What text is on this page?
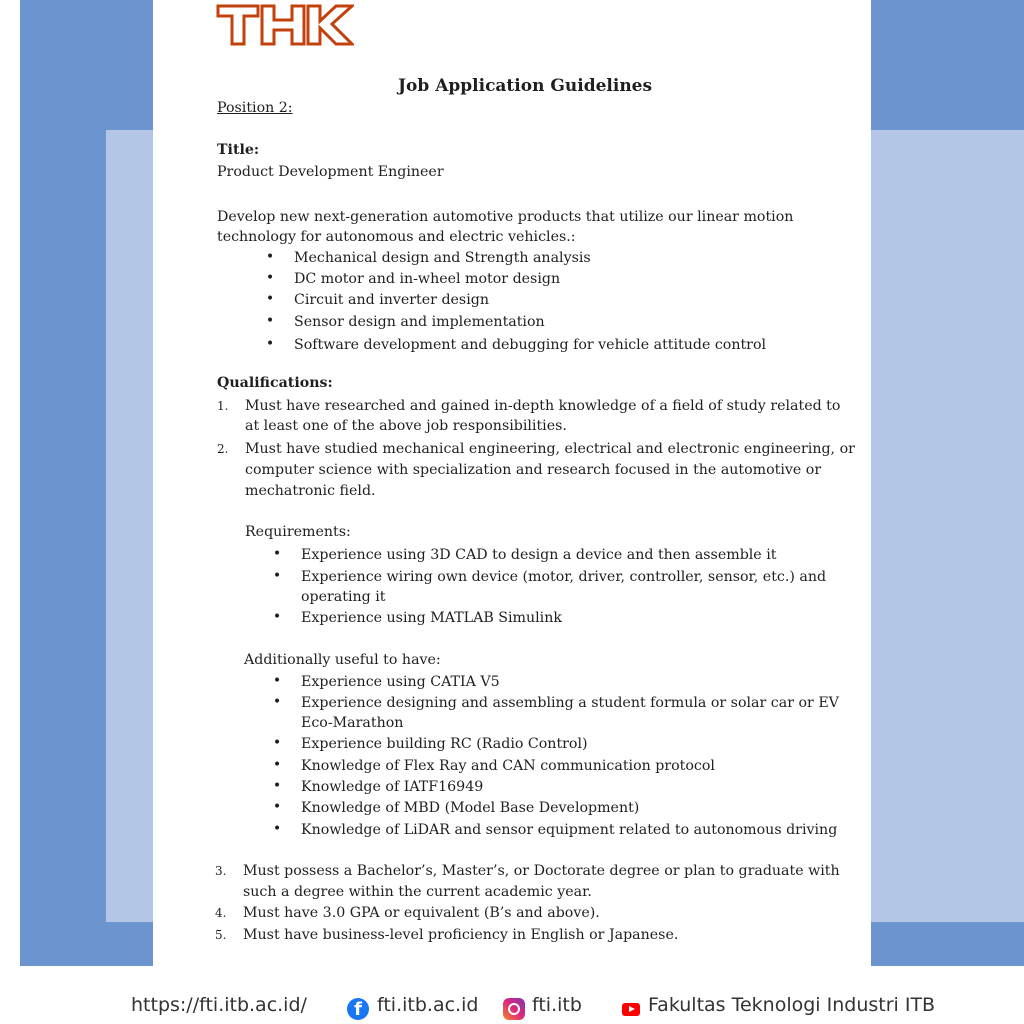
Job Application Guidelines
Position 2:
Title:
Product Development Engineer
Develop new next-generation automotive products that utilize our linear motion
technology for autonomous and electric vehicles.:
• Mechanical design and Strength analysis
• DC motor and in-wheel motor design
• Circuit and inverter design
• Sensor design and implementation
• Software development and debugging for vehicle attitude control
Qualifications:
1. Must have researched and gained in-depth knowledge of a field of study related to
at least one of the above job responsibilities.
2. Must have studied mechanical engineering, electrical and electronic engineering, or
computer science with specialization and research focused in the automotive or
mechatronic field.
Requirements:
• Experience using 3D CAD to design a device and then assemble it
• Experience wiring own device (motor, driver, controller, sensor, etc.) and
operating it
• Experience using MATLAB Simulink
Additionally useful to have:
• Experience using CATIA V5
• Experience designing and assembling a student formula or solar car or EV
Eco-Marathon
• Experience building RC (Radio Control)
• Knowledge of Flex Ray and CAN communication protocol
• Knowledge of IATF16949
• Knowledge of MBD (Model Base Development)
• Knowledge of LiDAR and sensor equipment related to autonomous driving
3. Must possess a Bachelor’s, Master’s, or Doctorate degree or plan to graduate with
such a degree within the current academic year.
4. Must have 3.0 GPA or equivalent (B’s and above).
5. Must have business-level proficiency in English or Japanese.
https://fti.itb.ac.id/	f fti.itb.ac.id	fti.itb	Fakultas Teknologi Industri ITB
